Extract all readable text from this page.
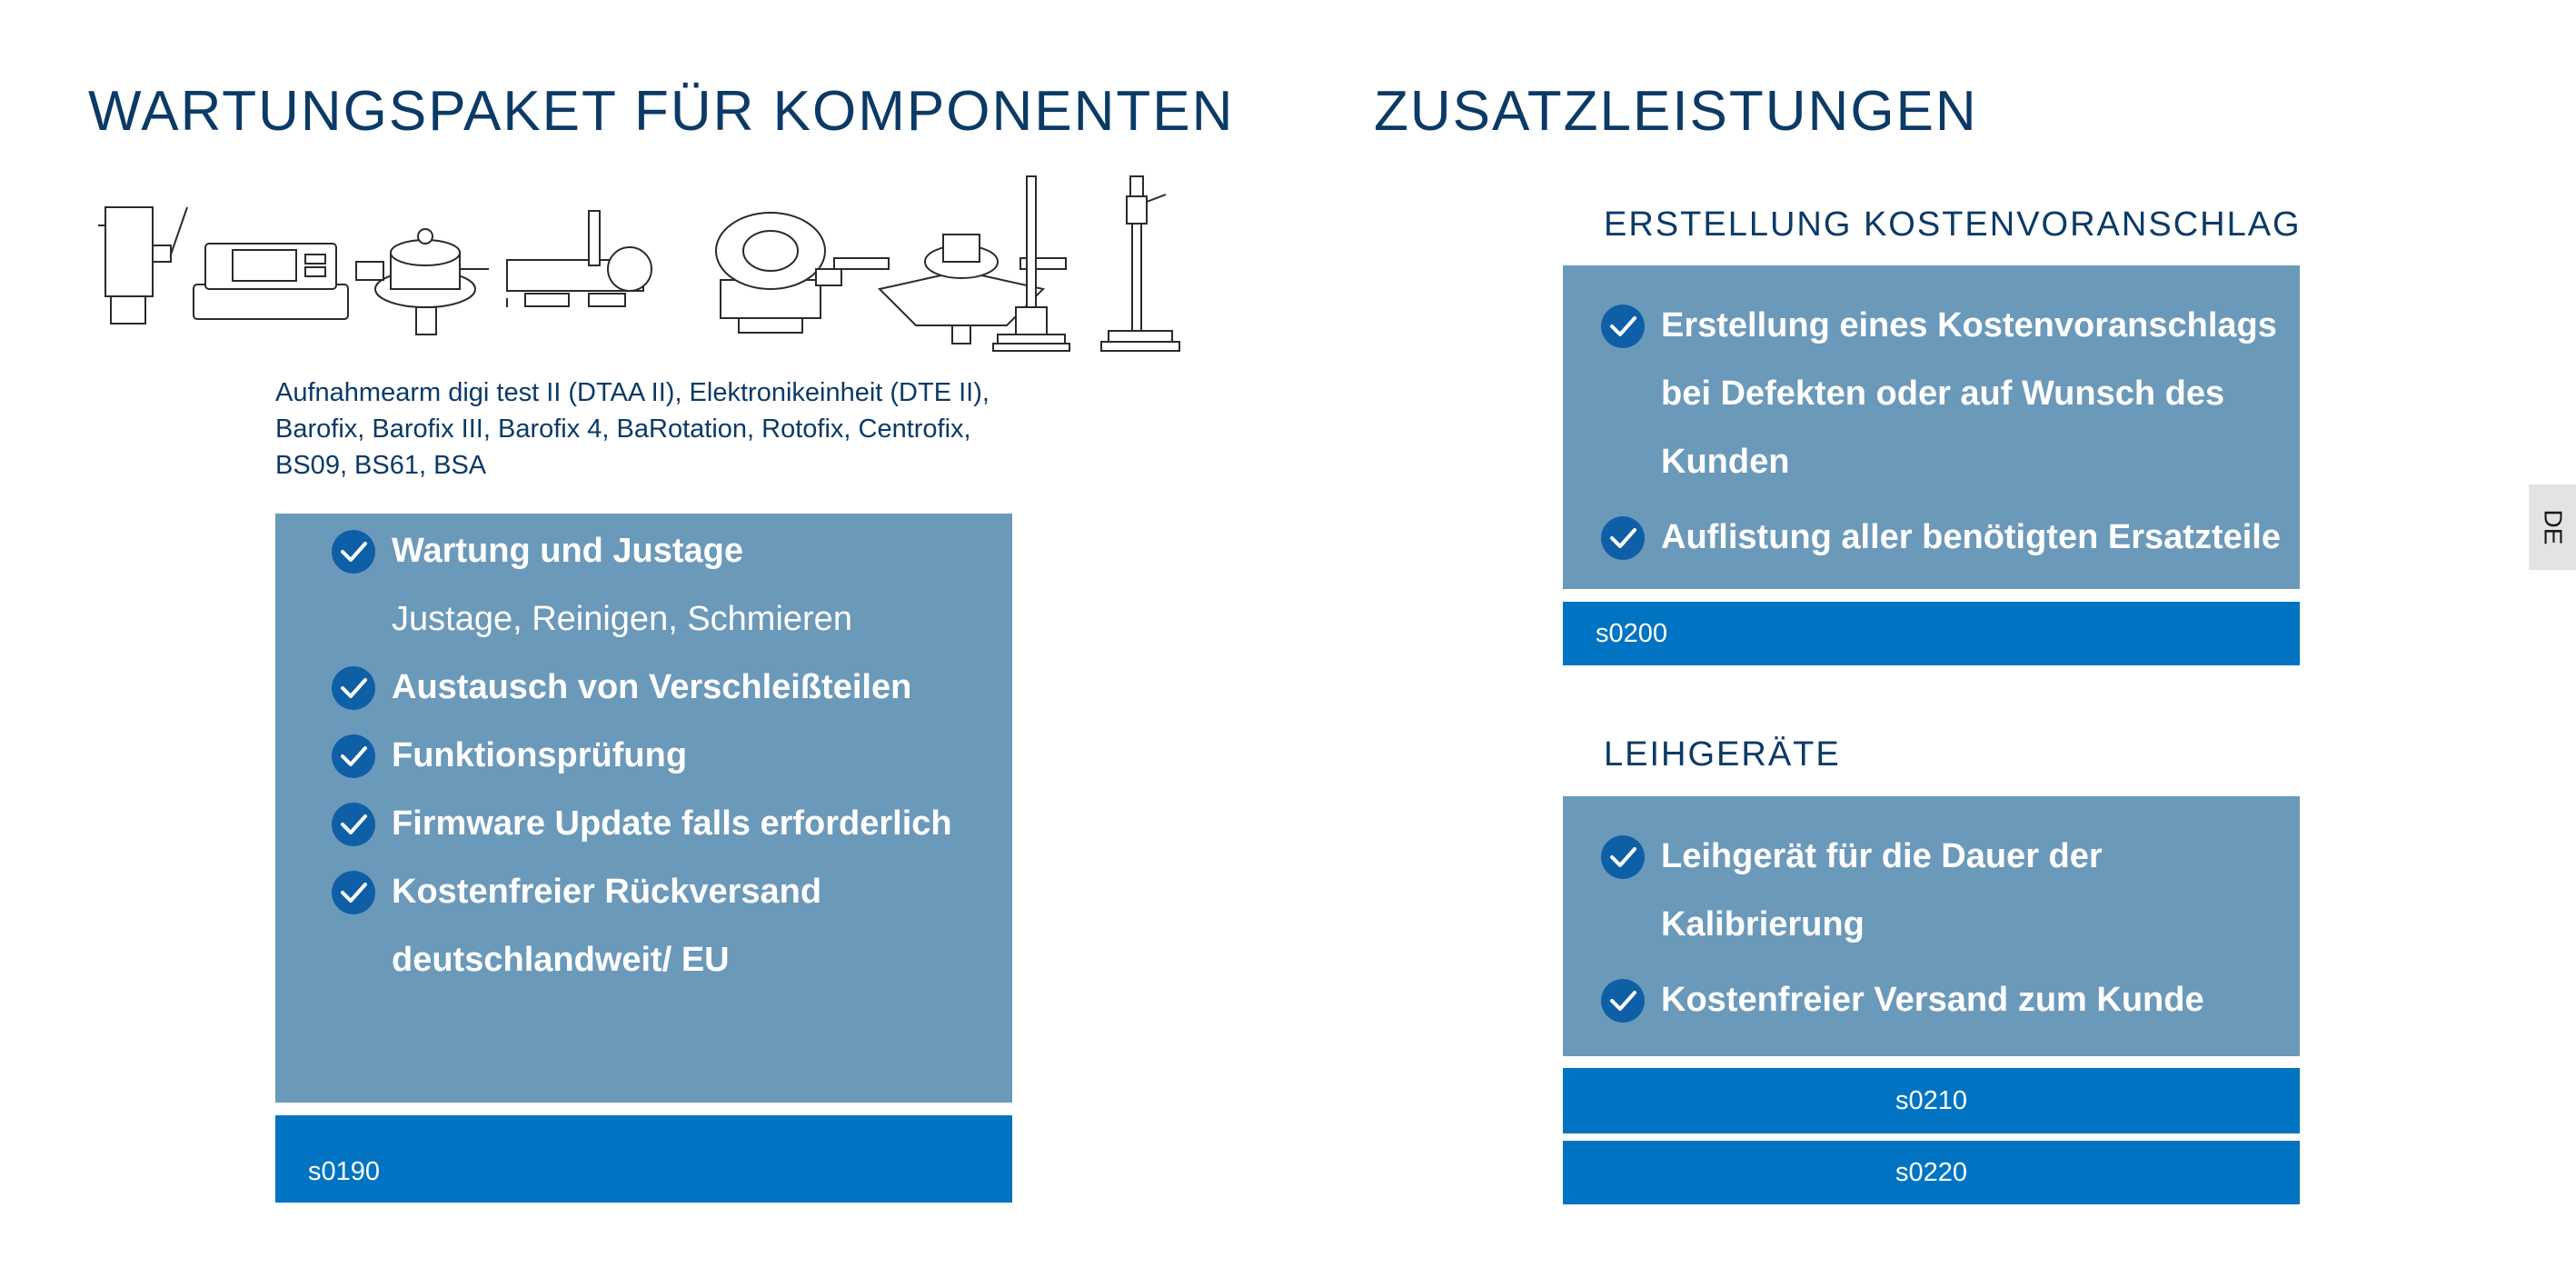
WARTUNGSPAKET FÜR KOMPONENTEN
Aufnahmearm digi test II (DTAA II), Elektronikeinheit (DTE II),
Barofix, Barofix III, Barofix 4, BaRotation, Rotofix, Centrofix,
BS09, BS61, BSA
Wartung und Justage
Justage, Reinigen, Schmieren
Austausch von Verschleißteilen
Funktionsprüfung
Firmware Update falls erforderlich
Kostenfreier Rückversand
deutschlandweit/ EU
s0190
ZUSATZLEISTUNGEN
ERSTELLUNG KOSTENVORANSCHLAG
Erstellung eines Kostenvoranschlags
bei Defekten oder auf Wunsch des
Kunden
Auflistung aller benötigten Ersatzteile
s0200
LEIHGERÄTE
Leihgerät für die Dauer der
Kalibrierung
Kostenfreier Versand zum Kunde
s0210
s0220
DE
